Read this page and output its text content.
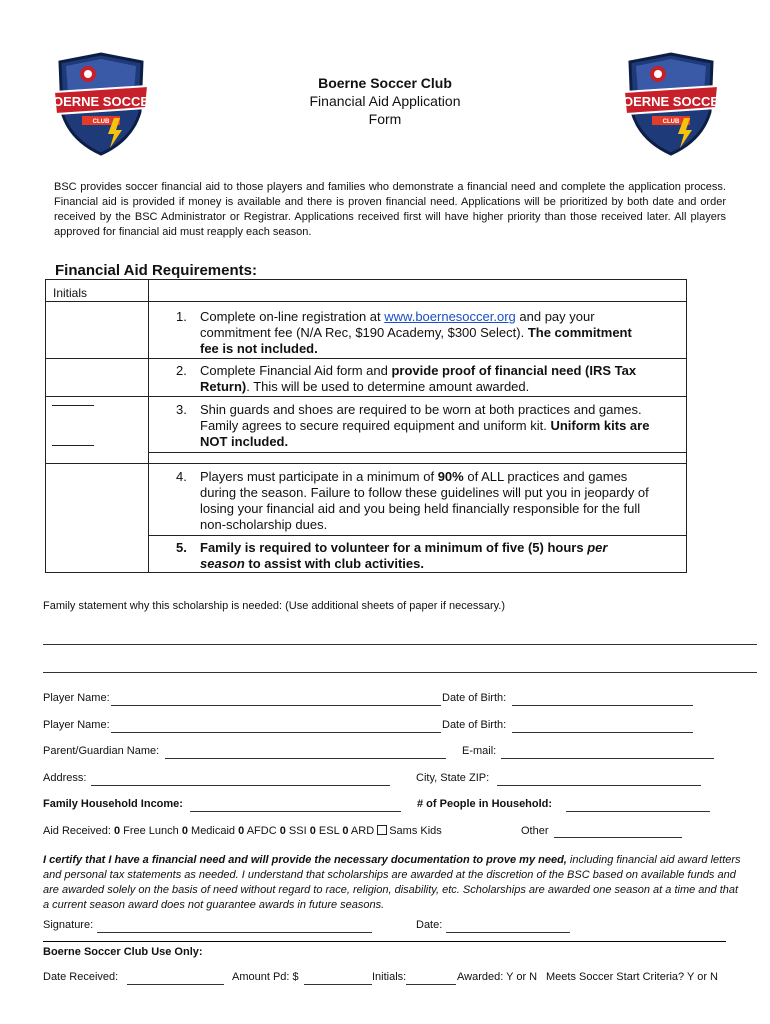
BOERNE SOCCER
CLUB
BOERNE SOCCER
CLUB
Boerne Soccer Club
Financial Aid Application
Form
BSC provides soccer financial aid to those players and families who demonstrate a financial need and complete the application process. Financial aid is provided if money is available and there is proven financial need. Applications will be prioritized by both date and order received by the BSC Administrator or Registrar. Applications received first will have higher priority than those received later. All players approved for financial aid must reapply each season.
Financial Aid Requirements:
Initials
1.	Complete on-line registration at www.boernesoccer.org and pay your commitment fee (N/A Rec, $190 Academy, $300 Select). The commitment fee is not included.
2.	Complete Financial Aid form and provide proof of financial need (IRS Tax Return). This will be used to determine amount awarded.
3.	Shin guards and shoes are required to be worn at both practices and games. Family agrees to secure required equipment and uniform kit. Uniform kits are NOT included.
4.	Players must participate in a minimum of 90% of ALL practices and games during the season. Failure to follow these guidelines will put you in jeopardy of losing your financial aid and you being held financially responsible for the full non-scholarship dues.
5.	Family is required to volunteer for a minimum of five (5) hours per season to assist with club activities.
Family statement why this scholarship is needed: (Use additional sheets of paper if necessary.)
Player Name:	Date of Birth:
Player Name:	Date of Birth:
Parent/Guardian Name:	E-mail:
Address:	City, State ZIP:
Family Household Income:	# of People in Household:
Aid Received: 0 Free Lunch 0 Medicaid 0 AFDC 0 SSI 0 ESL 0 ARD Sams Kids	Other
I certify that I have a financial need and will provide the necessary documentation to prove my need, including financial aid award letters and personal tax statements as needed. I understand that scholarships are awarded at the discretion of the BSC based on available funds and are awarded solely on the basis of need without regard to race, religion, disability, etc. Scholarships are awarded one season at a time and that a current season award does not guarantee awards in future seasons.
Signature:	Date:
Boerne Soccer Club Use Only:
Date Received:	Amount Pd: $	Initials:	Awarded: Y or N Meets Soccer Start Criteria? Y or N
